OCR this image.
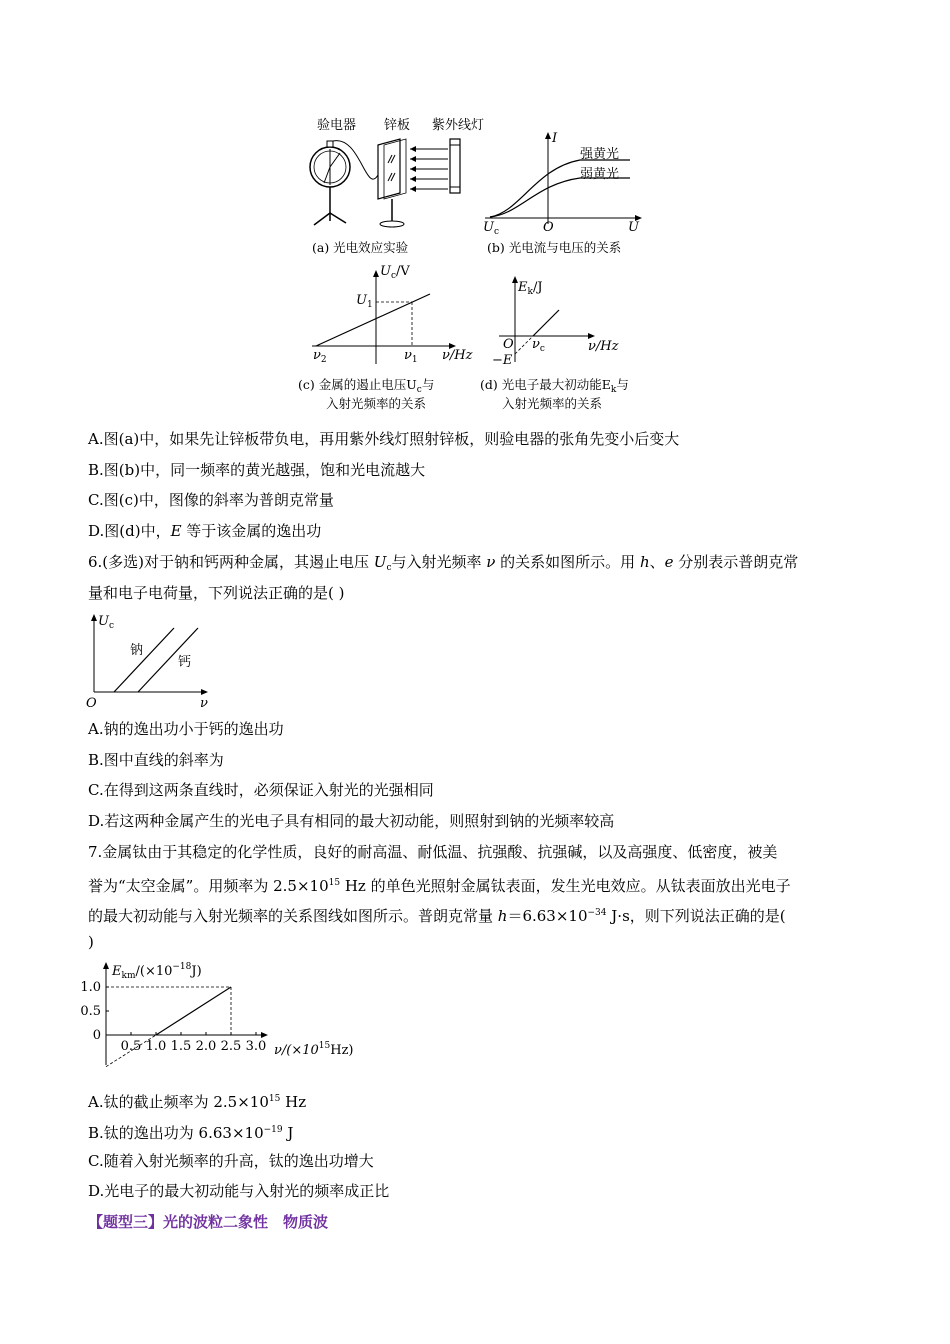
验电器 锌板 紫外线灯
(a) 光电效应实验
I
强黄光
弱黄光
$U_c$	O	U
(b) 光电流与电压的关系
$U_c/V$
$U_1$
$\nu_2$	$\nu_1$ ν/Hz
(c) 金属的遏止电压$U_c$与
入射光频率的关系
$E_k/J$
O $\nu_c$	ν/Hz
−E
(d) 光电子最大初动能$E_k$与
入射光频率的关系
A.图(a)中，如果先让锌板带负电，再用紫外线灯照射锌板，则验电器的张角先变小后变大
B.图(b)中，同一频率的黄光越强，饱和光电流越大
C.图(c)中，图像的斜率为普朗克常量
D.图(d)中，E 等于该金属的逸出功
6.(多选)对于钠和钙两种金属，其遏止电压 $U_c$与入射光频率 ν 的关系如图所示。用 h、e 分别表示普朗克常
量和电子电荷量，下列说法正确的是( )
$U_c$
钠
钙
O	ν
A.钠的逸出功小于钙的逸出功
B.图中直线的斜率为
C.在得到这两条直线时，必须保证入射光的光强相同
D.若这两种金属产生的光电子具有相同的最大初动能，则照射到钠的光频率较高
7.金属钛由于其稳定的化学性质，良好的耐高温、耐低温、抗强酸、抗强碱，以及高强度、低密度，被美
誉为“太空金属”。用频率为 $2.5\times 10^{15}$ Hz 的单色光照射金属钛表面，发生光电效应。从钛表面放出光电子
的最大初动能与入射光频率的关系图线如图所示。普朗克常量 $h=6.63\times 10^{-34}$ J·s，则下列说法正确的是(
)
1.0
0.5
0
0.5 1.0 1.5 2.0 2.5 3.0
$E_{km}/(\times 10^{-18}J)$
$\nu/(\times 10^{15}Hz)$
A.钛的截止频率为 $2.5\times 10^{15}$ Hz
B.钛的逸出功为 $6.63\times 10^{-19}$ J
C.随着入射光频率的升高，钛的逸出功增大
D.光电子的最大初动能与入射光的频率成正比
【题型三】光的波粒二象性　物质波
